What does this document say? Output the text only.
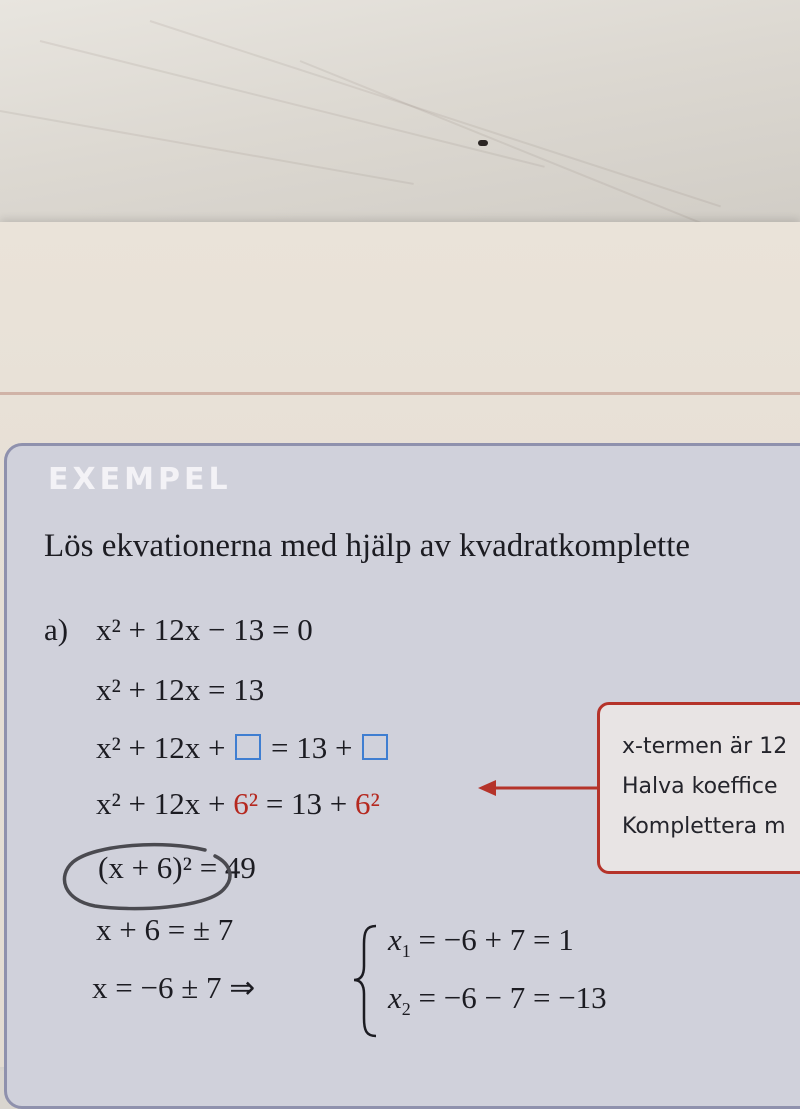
EXEMPEL
Lös ekvationerna med hjälp av kvadratkomplette
a) x² + 12x − 13 = 0
x² + 12x = 13
x² + 12x + = 13 +
x² + 12x + 6² = 13 + 6²
x-termen är 12
Halva koeffice
Komplettera m
(x + 6)² = 49
x + 6 = ± 7
x = −6 ± 7 ⇒
$x_1 = -6 + 7 = 1$
$x_2 = -6 - 7 = -13$
